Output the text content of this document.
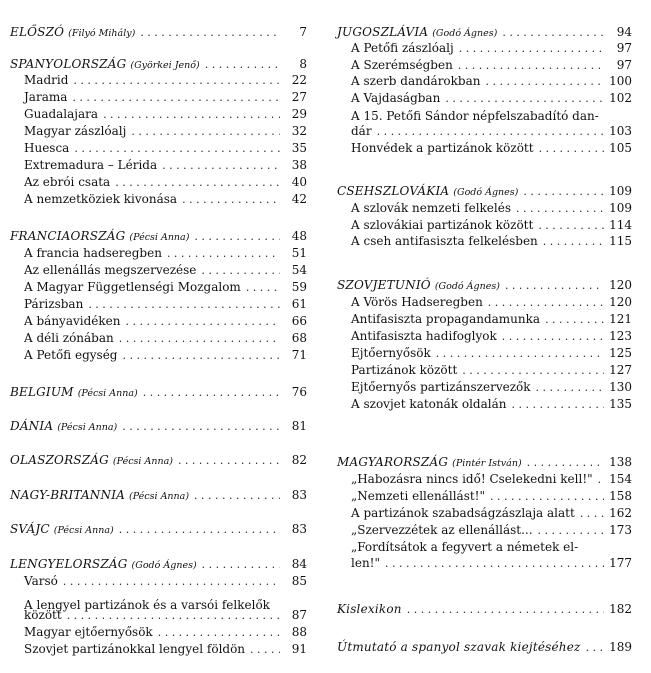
ELŐSZÓ (Filyó Mihály) . . .	7
SPANYOLORSZÁG (Györkei Jenő) . . .	8
Madrid . . .	22
Jarama . . .	27
Guadalajara . . .	29
Magyar zászlóalj . . .	32
Huesca . . .	35
Extremadura – Lérida . . .	38
Az ebrói csata . . .	40
A nemzetköziek kivonása . . .	42
FRANCIAORSZÁG (Pécsi Anna) . . .	48
A francia hadseregben . . .	51
Az ellenállás megszervezése . . .	54
A Magyar Függetlenségi Mozgalom . . .	59
Párizsban . . .	61
A bányavidéken . . .	66
A déli zónában . . .	68
A Petőfi egység . . .	71
BELGIUM (Pécsi Anna) . . .	76
DÁNIA (Pécsi Anna) . . .	81
OLASZORSZÁG (Pécsi Anna) . . .	82
NAGY-BRITANNIA (Pécsi Anna) . . .	83
SVÁJC (Pécsi Anna) . . .	83
LENGYELORSZÁG (Godó Ágnes) . . .	84
Varsó . . .	85
A lengyel partizánok és a varsói felkelők
között . . .	87
Magyar ejtőernyősök . . .	88
Szovjet partizánokkal lengyel földön . . .	91
JUGOSZLÁVIA (Godó Ágnes) . . .	94
A Petőfi zászlóalj . . .	97
A Szerémségben . . .	97
A szerb dandárokban . . .	100
A Vajdaságban . . .	102
A 15. Petőfi Sándor népfelszabadító dan-
dár . . .	103
Honvédek a partizánok között . . .	105
CSEHSZLOVÁKIA (Godó Ágnes) . . .	109
A szlovák nemzeti felkelés . . .	109
A szlovákiai partizánok között . . .	114
A cseh antifasiszta felkelésben . . .	115
SZOVJETUNIÓ (Godó Ágnes) . . .	120
A Vörös Hadseregben . . .	120
Antifasiszta propagandamunka . . .	121
Antifasiszta hadifoglyok . . .	123
Ejtőernyősök . . .	125
Partizánok között . . .	127
Ejtőernyős partizánszervezők . . .	130
A szovjet katonák oldalán . . .	135
MAGYARORSZÁG (Pintér István) . . .	138
„Habozásra nincs idő! Cselekedni kell!" . . . 154
„Nemzeti ellenállást!" . . .	158
A partizánok szabadságzászlaja alatt . . .	162
„Szervezzétek az ellenállást... . . .	173
„Fordítsátok a fegyvert a németek el-
len!" . . .	177
Kislexikon . . .	182
Útmutató a spanyol szavak kiejtéséhez . . . 189
